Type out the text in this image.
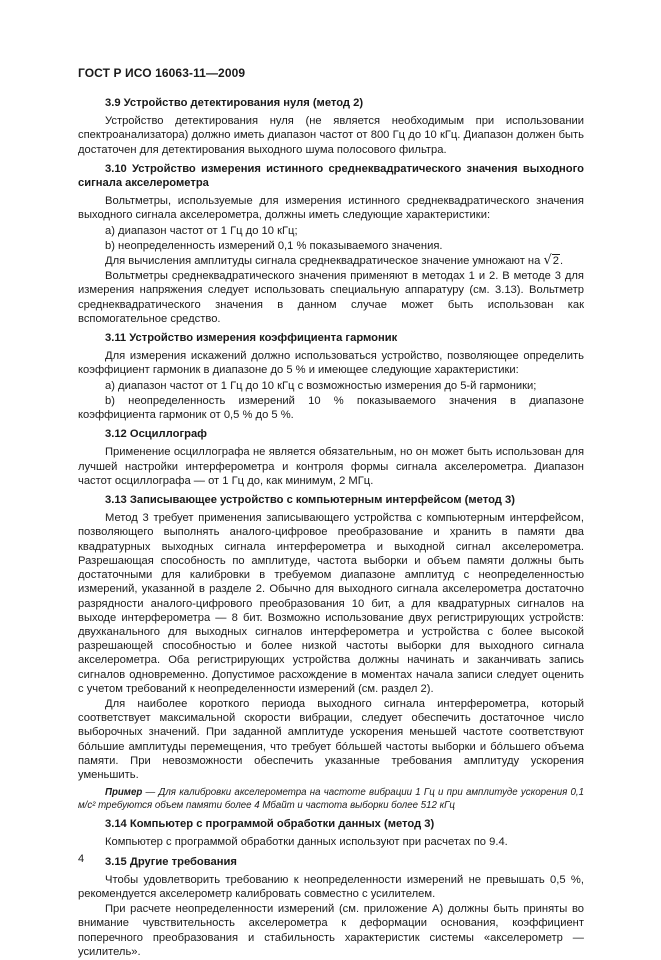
ГОСТ Р ИСО 16063-11—2009
3.9 Устройство детектирования нуля (метод 2)
Устройство детектирования нуля (не является необходимым при использовании спектроанализатора) должно иметь диапазон частот от 800 Гц до 10 кГц. Диапазон должен быть достаточен для детектирования выходного шума полосового фильтра.
3.10 Устройство измерения истинного среднеквадратического значения выходного сигнала акселерометра
Вольтметры, используемые для измерения истинного среднеквадратического значения выходного сигнала акселерометра, должны иметь следующие характеристики:
а) диапазон частот от 1 Гц до 10 кГц;
b) неопределенность измерений 0,1 % показываемого значения.
Для вычисления амплитуды сигнала среднеквадратическое значение умножают на √2.
Вольтметры среднеквадратического значения применяют в методах 1 и 2. В методе 3 для измерения напряжения следует использовать специальную аппаратуру (см. 3.13). Вольтметр среднеквадратического значения в данном случае может быть использован как вспомогательное средство.
3.11 Устройство измерения коэффициента гармоник
Для измерения искажений должно использоваться устройство, позволяющее определить коэффициент гармоник в диапазоне до 5 % и имеющее следующие характеристики:
а) диапазон частот от 1 Гц до 10 кГц с возможностью измерения до 5-й гармоники;
b) неопределенность измерений 10 % показываемого значения в диапазоне коэффициента гармоник от 0,5 % до 5 %.
3.12 Осциллограф
Применение осциллографа не является обязательным, но он может быть использован для лучшей настройки интерферометра и контроля формы сигнала акселерометра. Диапазон частот осциллографа — от 1 Гц до, как минимум, 2 МГц.
3.13 Записывающее устройство с компьютерным интерфейсом (метод 3)
Метод 3 требует применения записывающего устройства с компьютерным интерфейсом, позволяющего выполнять аналого-цифровое преобразование и хранить в памяти два квадратурных выходных сигнала интерферометра и выходной сигнал акселерометра. Разрешающая способность по амплитуде, частота выборки и объем памяти должны быть достаточными для калибровки в требуемом диапазоне амплитуд с неопределенностью измерений, указанной в разделе 2. Обычно для выходного сигнала акселерометра достаточно разрядности аналого-цифрового преобразования 10 бит, а для квадратурных сигналов на выходе интерферометра — 8 бит. Возможно использование двух регистрирующих устройств: двухканального для выходных сигналов интерферометра и устройства с более высокой разрешающей способностью и более низкой частоты выборки для выходного сигнала акселерометра. Оба регистрирующих устройства должны начинать и заканчивать запись сигналов одновременно. Допустимое расхождение в моментах начала записи следует оценить с учетом требований к неопределенности измерений (см. раздел 2).
Для наиболее короткого периода выходного сигнала интерферометра, который соответствует максимальной скорости вибрации, следует обеспечить достаточное число выборочных значений. При заданной амплитуде ускорения меньшей частоте соответствуют бóльшие амплитуды перемещения, что требует бóльшей частоты выборки и бóльшего объема памяти. При невозможности обеспечить указанные требования амплитуду ускорения уменьшить.
Пример — Для калибровки акселерометра на частоте вибрации 1 Гц и при амплитуде ускорения 0,1 м/с² требуются объем памяти более 4 Мбайт и частота выборки более 512 кГц
3.14 Компьютер с программой обработки данных (метод 3)
Компьютер с программой обработки данных используют при расчетах по 9.4.
3.15 Другие требования
Чтобы удовлетворить требованию к неопределенности измерений не превышать 0,5 %, рекомендуется акселерометр калибровать совместно с усилителем.
При расчете неопределенности измерений (см. приложение А) должны быть приняты во внимание чувствительность акселерометра к деформации основания, коэффициент поперечного преобразования и стабильность характеристик системы «акселерометр — усилитель».
4
